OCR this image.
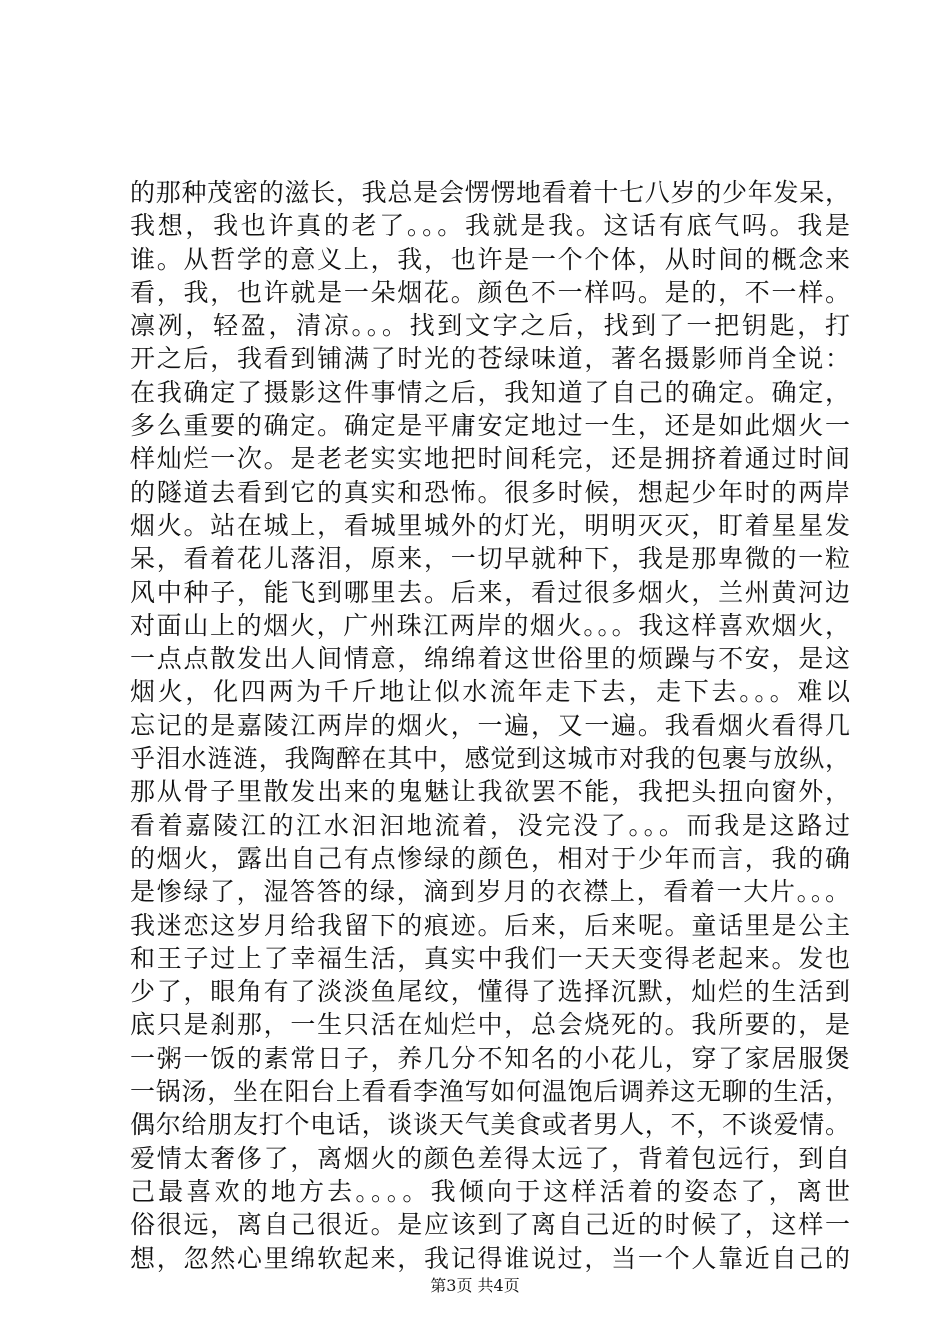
的那种茂密的滋长，我总是会愣愣地看着十七八岁的少年发呆，
我想，我也许真的老了。。。我就是我。这话有底气吗。我是
谁。从哲学的意义上，我，也许是一个个体，从时间的概念来
看，我，也许就是一朵烟花。颜色不一样吗。是的，不一样。
凛冽，轻盈，清凉。。。找到文字之后，找到了一把钥匙，打
开之后，我看到铺满了时光的苍绿味道，著名摄影师肖全说：
在我确定了摄影这件事情之后，我知道了自己的确定。确定，
多么重要的确定。确定是平庸安定地过一生，还是如此烟火一
样灿烂一次。是老老实实地把时间秏完，还是拥挤着通过时间
的隧道去看到它的真实和恐怖。很多时候，想起少年时的两岸
烟火。站在城上，看城里城外的灯光，明明灭灭，盯着星星发
呆，看着花儿落泪，原来，一切早就种下，我是那卑微的一粒
风中种子，能飞到哪里去。后来，看过很多烟火，兰州黄河边
对面山上的烟火，广州珠江两岸的烟火。。。我这样喜欢烟火，
一点点散发出人间情意，绵绵着这世俗里的烦躁与不安，是这
烟火，化四两为千斤地让似水流年走下去，走下去。。。难以
忘记的是嘉陵江两岸的烟火，一遍，又一遍。我看烟火看得几
乎泪水涟涟，我陶醉在其中，感觉到这城市对我的包裹与放纵，
那从骨子里散发出来的鬼魅让我欲罢不能，我把头扭向窗外，
看着嘉陵江的江水汩汩地流着，没完没了。。。而我是这路过
的烟火，露出自己有点惨绿的颜色，相对于少年而言，我的确
是惨绿了，湿答答的绿，滴到岁月的衣襟上，看着一大片。。。
我迷恋这岁月给我留下的痕迹。后来，后来呢。童话里是公主
和王子过上了幸福生活，真实中我们一天天变得老起来。发也
少了，眼角有了淡淡鱼尾纹，懂得了选择沉默，灿烂的生活到
底只是刹那，一生只活在灿烂中，总会烧死的。我所要的，是
一粥一饭的素常日子，养几分不知名的小花儿，穿了家居服煲
一锅汤，坐在阳台上看看李渔写如何温饱后调养这无聊的生活，
偶尔给朋友打个电话，谈谈天气美食或者男人，不，不谈爱情。
爱情太奢侈了，离烟火的颜色差得太远了，背着包远行，到自
己最喜欢的地方去。。。。我倾向于这样活着的姿态了，离世
俗很远，离自己很近。是应该到了离自己近的时候了，这样一
想，忽然心里绵软起来，我记得谁说过，当一个人靠近自己的
第3页 共4页
